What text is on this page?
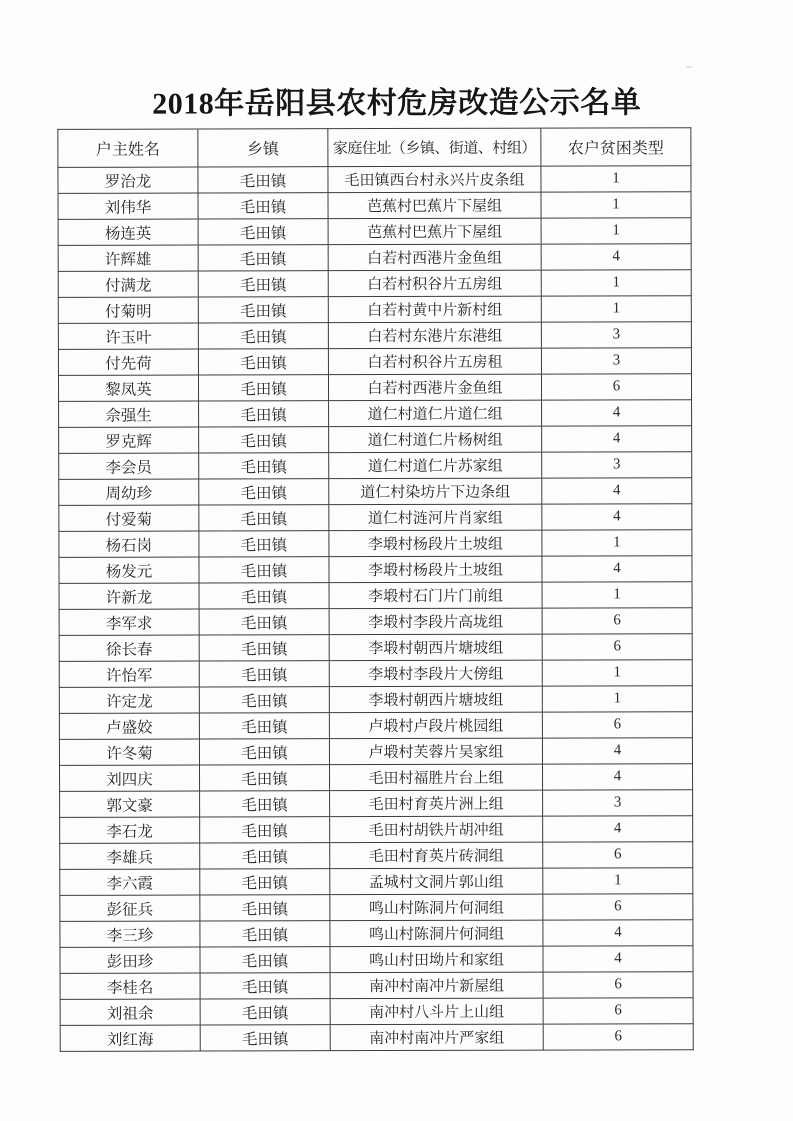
2018年岳阳县农村危房改造公示名单
户主姓名	乡镇	家庭住址（乡镇、街道、村组）	农户贫困类型
罗治龙	毛田镇	毛田镇西台村永兴片皮条组	1
刘伟华	毛田镇	芭蕉村巴蕉片下屋组	1
杨连英	毛田镇	芭蕉村巴蕉片下屋组	1
许辉雄	毛田镇	白若村西港片金鱼组	4
付满龙	毛田镇	白若村积谷片五房组	1
付菊明	毛田镇	白若村黄中片新村组	1
许玉叶	毛田镇	白若村东港片东港组	3
付先荷	毛田镇	白若村积谷片五房租	3
黎凤英	毛田镇	白若村西港片金鱼组	6
佘强生	毛田镇	道仁村道仁片道仁组	4
罗克辉	毛田镇	道仁村道仁片杨树组	4
李会员	毛田镇	道仁村道仁片苏家组	3
周幼珍	毛田镇	道仁村染坊片下边条组	4
付爱菊	毛田镇	道仁村涟河片肖家组	4
杨石岗	毛田镇	李塅村杨段片土坡组	1
杨发元	毛田镇	李塅村杨段片土坡组	4
许新龙	毛田镇	李塅村石门片门前组	1
李军求	毛田镇	李塅村李段片高垅组	6
徐长春	毛田镇	李塅村朝西片塘坡组	6
许怡军	毛田镇	李塅村李段片大傍组	1
许定龙	毛田镇	李塅村朝西片塘坡组	1
卢盛姣	毛田镇	卢塅村卢段片桃园组	6
许冬菊	毛田镇	卢塅村芙蓉片吴家组	4
刘四庆	毛田镇	毛田村福胜片台上组	4
郭文豪	毛田镇	毛田村育英片洲上组	3
李石龙	毛田镇	毛田村胡铁片胡冲组	4
李雄兵	毛田镇	毛田村育英片砖洞组	6
李六霞	毛田镇	孟城村文洞片郭山组	1
彭征兵	毛田镇	鸣山村陈洞片何洞组	6
李三珍	毛田镇	鸣山村陈洞片何洞组	4
彭田珍	毛田镇	鸣山村田坳片和家组	4
李桂名	毛田镇	南冲村南冲片新屋组	6
刘祖余	毛田镇	南冲村八斗片上山组	6
刘红海	毛田镇	南冲村南冲片严家组	6
